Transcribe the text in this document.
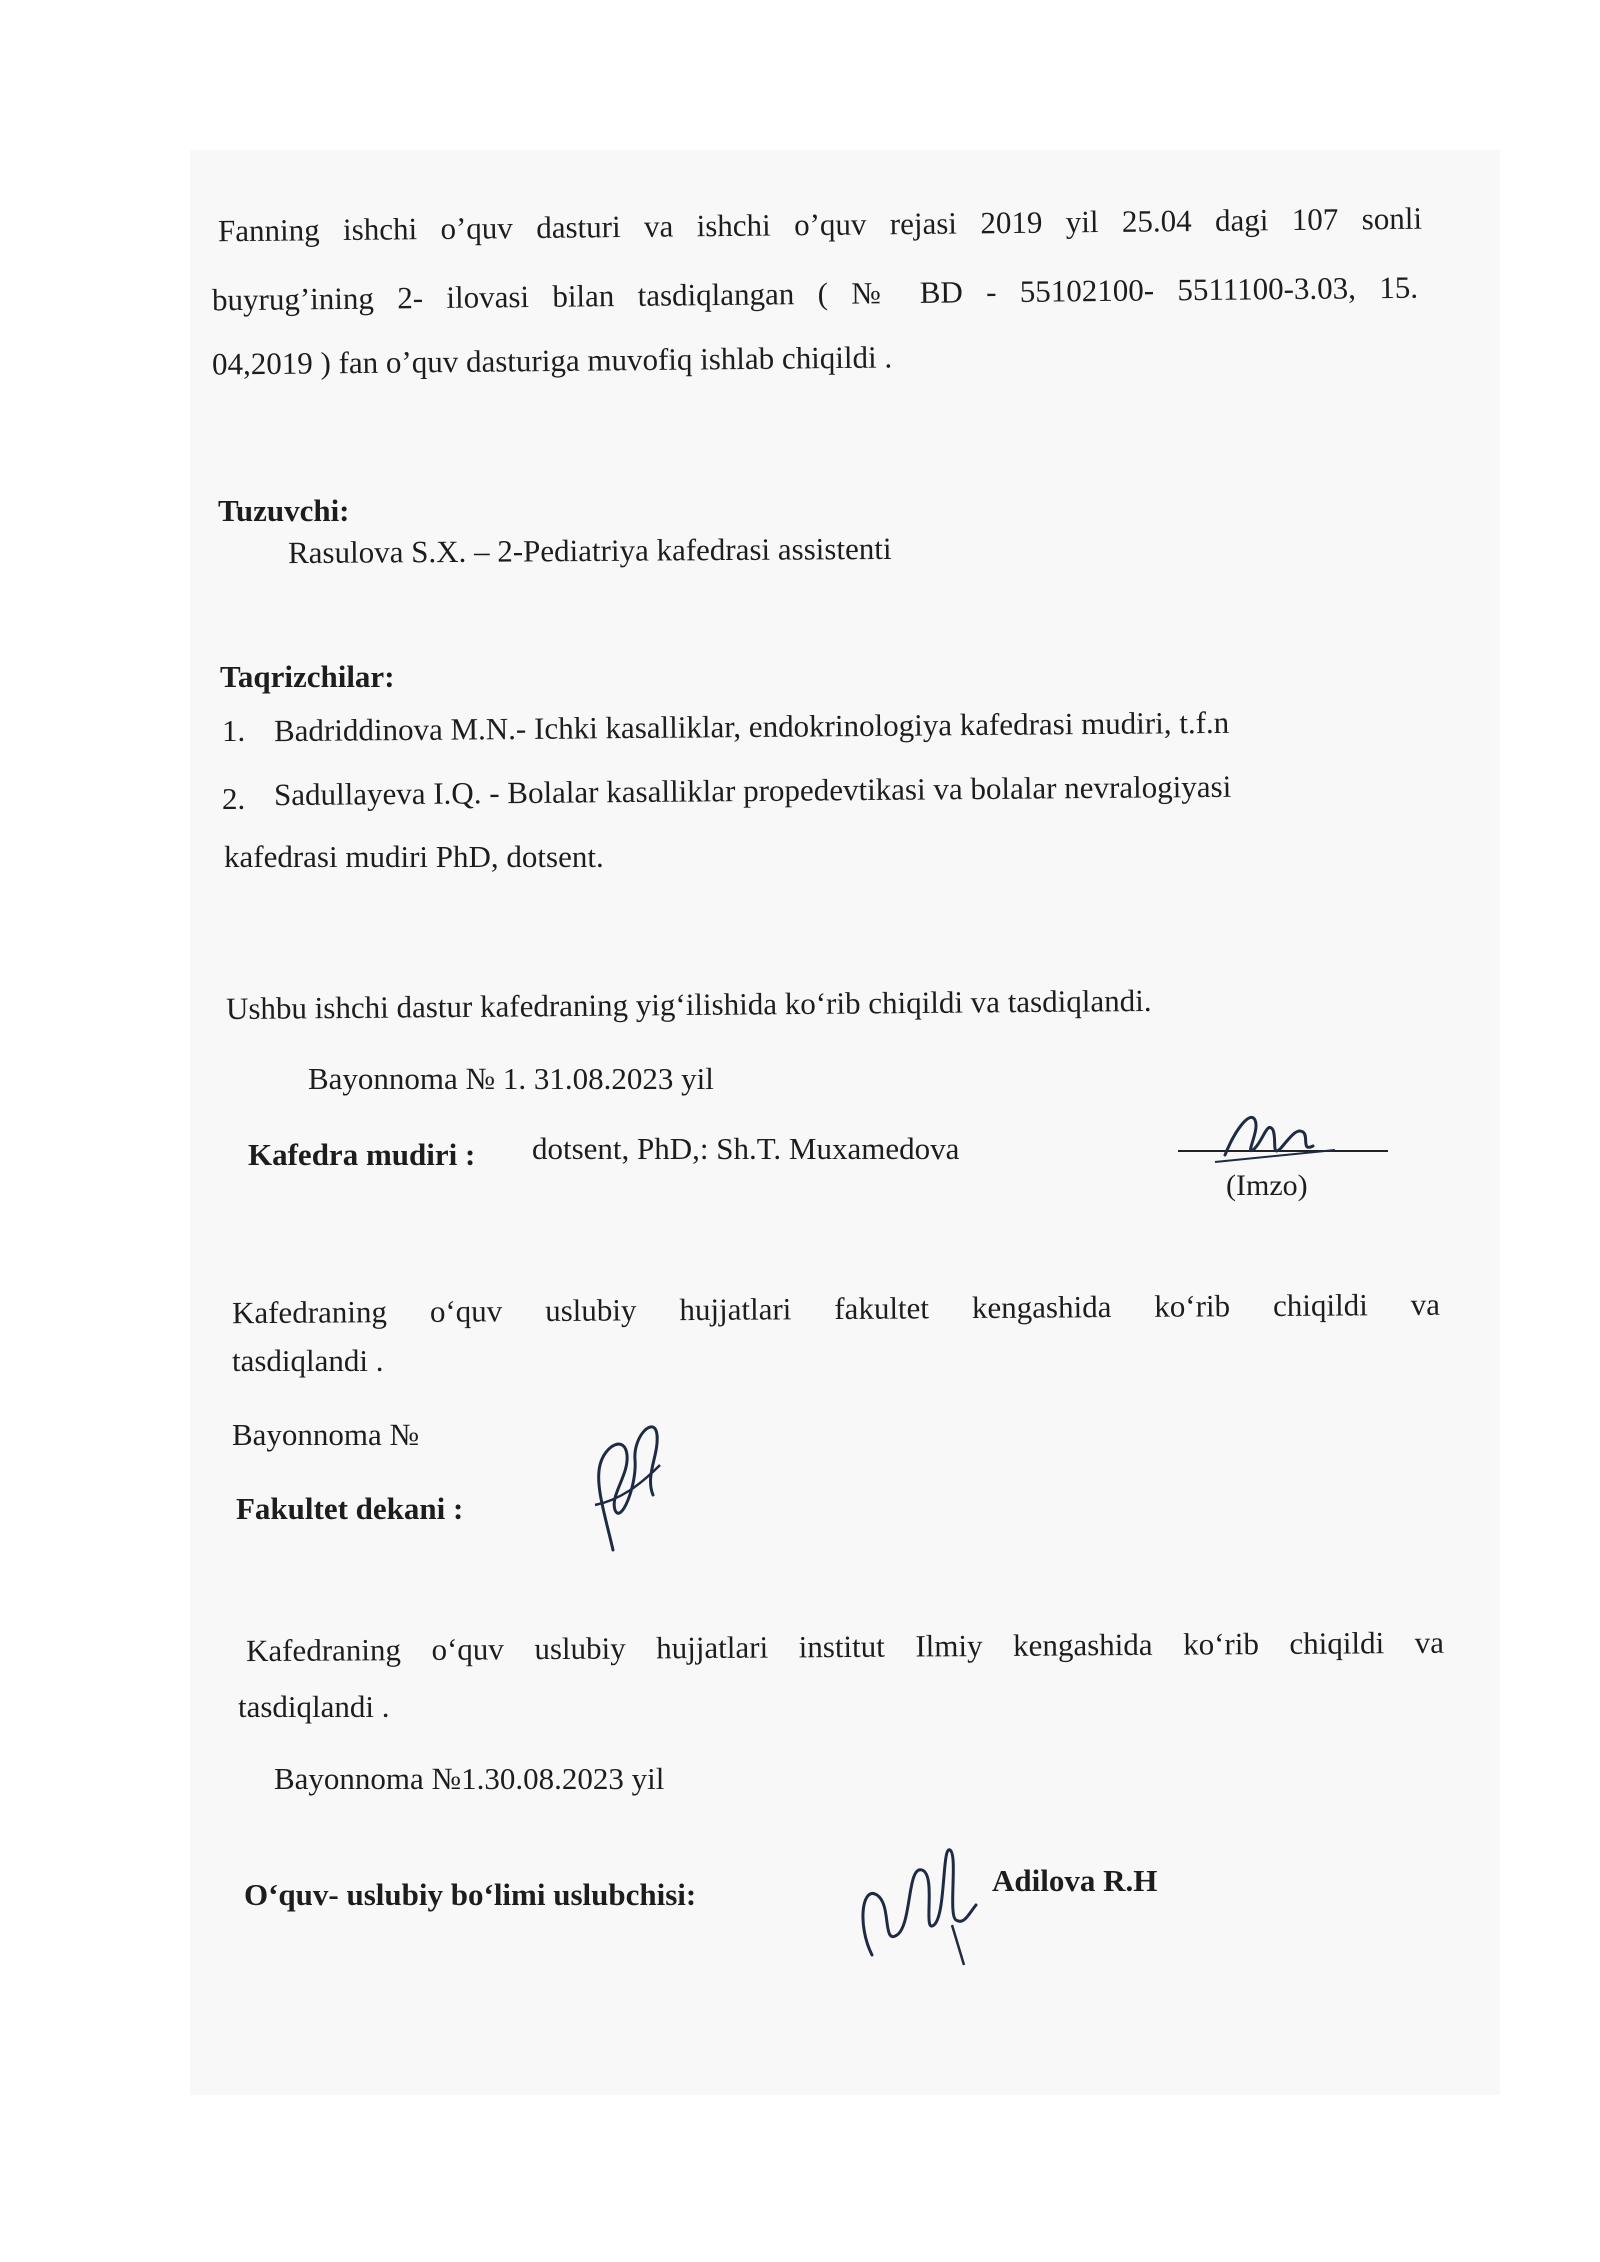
Fanning ishchi o’quv dasturi va ishchi o’quv rejasi 2019 yil 25.04 dagi 107 sonli
buyrug’ining 2- ilovasi bilan tasdiqlangan ( № BD - 55102100- 5511100-3.03, 15.
04,2019 ) fan o’quv dasturiga muvofiq ishlab chiqildi .
Tuzuvchi:
Rasulova S.X. – 2-Pediatriya kafedrasi assistenti
Taqrizchilar:
1. Badriddinova M.N.- Ichki kasalliklar, endokrinologiya kafedrasi mudiri, t.f.n
2. Sadullayeva I.Q. - Bolalar kasalliklar propedevtikasi va bolalar nevralogiyasi
kafedrasi mudiri PhD, dotsent.
Ushbu ishchi dastur kafedraning yig‘ilishida ko‘rib chiqildi va tasdiqlandi.
Bayonnoma № 1. 31.08.2023 yil
Kafedra mudiri : dotsent, PhD,: Sh.T. Muxamedova
(Imzo)
Kafedraning o‘quv uslubiy hujjatlari fakultet kengashida ko‘rib chiqildi va
tasdiqlandi .
Bayonnoma №
Fakultet dekani :
Kafedraning o‘quv uslubiy hujjatlari institut Ilmiy kengashida ko‘rib chiqildi va
tasdiqlandi .
Bayonnoma №1.30.08.2023 yil
O‘quv- uslubiy bo‘limi uslubchisi:	Adilova R.H
